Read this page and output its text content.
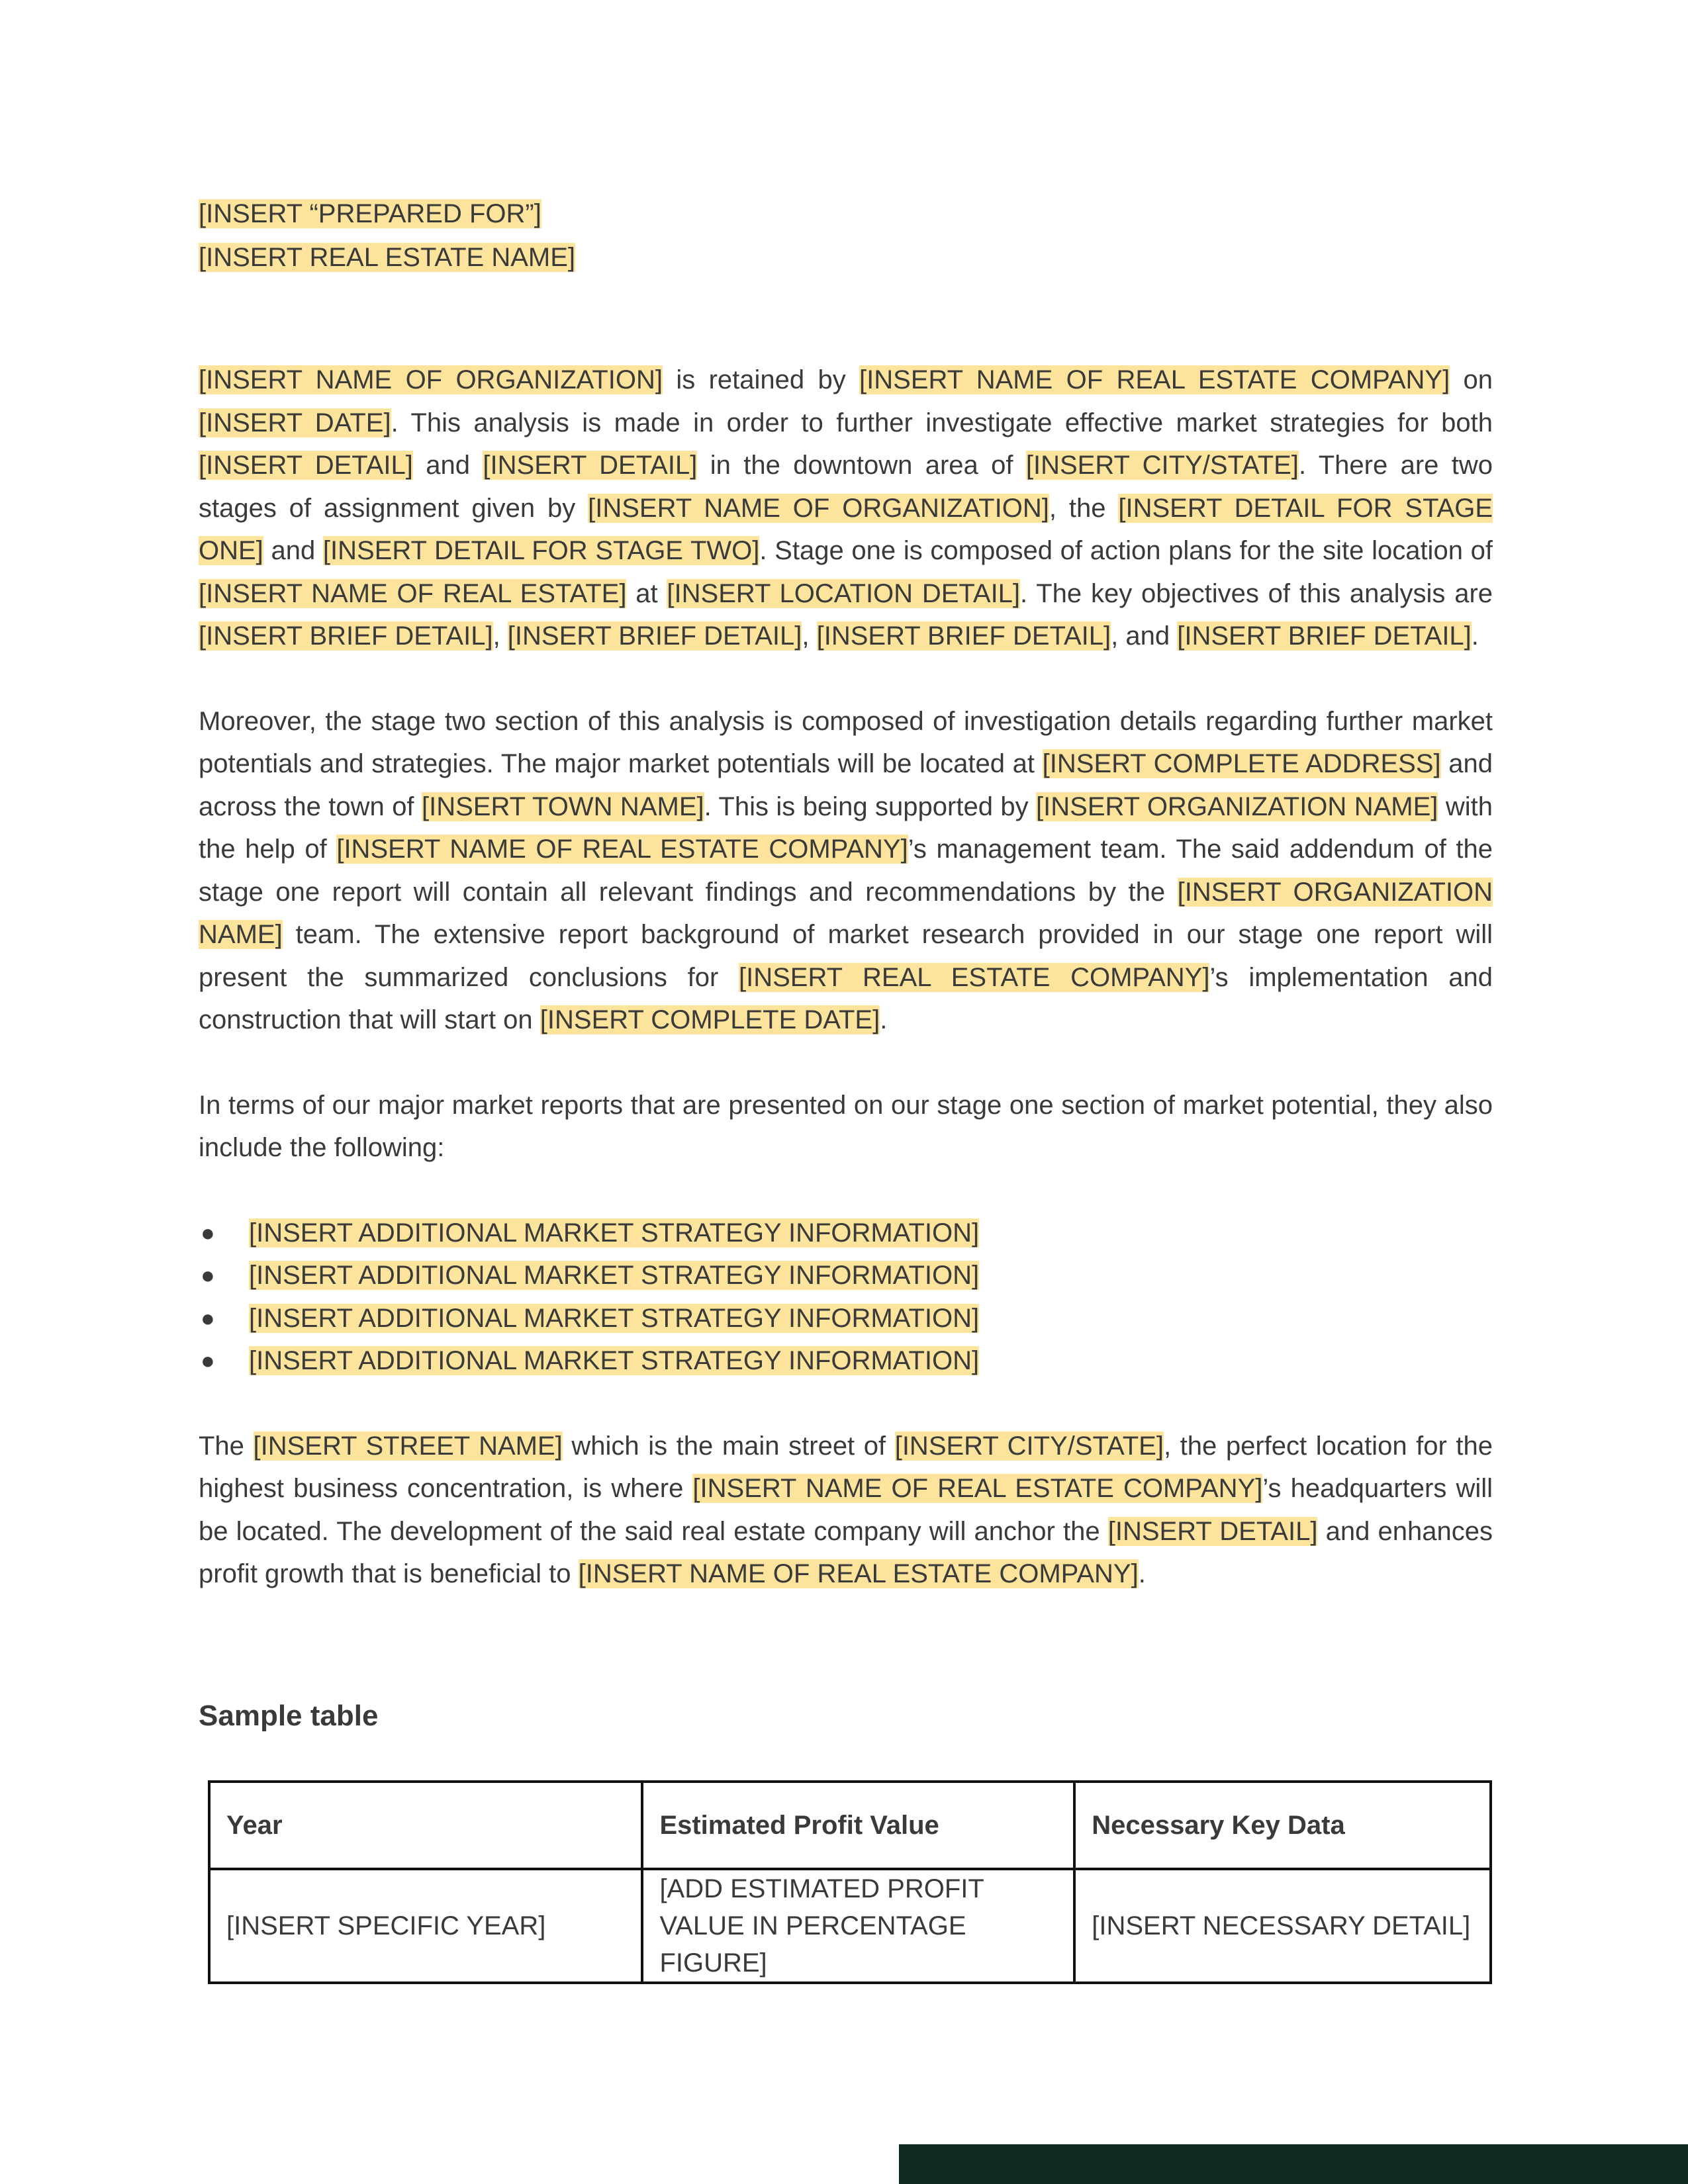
[INSERT “PREPARED FOR”]
[INSERT REAL ESTATE NAME]

[INSERT NAME OF ORGANIZATION] is retained by [INSERT NAME OF REAL ESTATE COMPANY] on [INSERT DATE]. This analysis is made in order to further investigate effective market strategies for both [INSERT DETAIL] and [INSERT DETAIL] in the downtown area of [INSERT CITY/STATE]. There are two stages of assignment given by [INSERT NAME OF ORGANIZATION], the [INSERT DETAIL FOR STAGE ONE] and [INSERT DETAIL FOR STAGE TWO]. Stage one is composed of action plans for the site location of [INSERT NAME OF REAL ESTATE] at [INSERT LOCATION DETAIL]. The key objectives of this analysis are [INSERT BRIEF DETAIL], [INSERT BRIEF DETAIL], [INSERT BRIEF DETAIL], and [INSERT BRIEF DETAIL].

Moreover, the stage two section of this analysis is composed of investigation details regarding further market potentials and strategies. The major market potentials will be located at [INSERT COMPLETE ADDRESS] and across the town of [INSERT TOWN NAME]. This is being supported by [INSERT ORGANIZATION NAME] with the help of [INSERT NAME OF REAL ESTATE COMPANY]’s management team. The said addendum of the stage one report will contain all relevant findings and recommendations by the [INSERT ORGANIZATION NAME] team. The extensive report background of market research provided in our stage one report will present the summarized conclusions for [INSERT REAL ESTATE COMPANY]’s implementation and construction that will start on [INSERT COMPLETE DATE].

In terms of our major market reports that are presented on our stage one section of market potential, they also include the following:

● [INSERT ADDITIONAL MARKET STRATEGY INFORMATION]
● [INSERT ADDITIONAL MARKET STRATEGY INFORMATION]
● [INSERT ADDITIONAL MARKET STRATEGY INFORMATION]
● [INSERT ADDITIONAL MARKET STRATEGY INFORMATION]

The [INSERT STREET NAME] which is the main street of [INSERT CITY/STATE], the perfect location for the highest business concentration, is where [INSERT NAME OF REAL ESTATE COMPANY]’s headquarters will be located. The development of the said real estate company will anchor the [INSERT DETAIL] and enhances profit growth that is beneficial to [INSERT NAME OF REAL ESTATE COMPANY].

Sample table
Year	Estimated Profit Value	Necessary Key Data
[INSERT SPECIFIC YEAR]	[ADD ESTIMATED PROFIT VALUE IN PERCENTAGE FIGURE]	[INSERT NECESSARY DETAIL]
